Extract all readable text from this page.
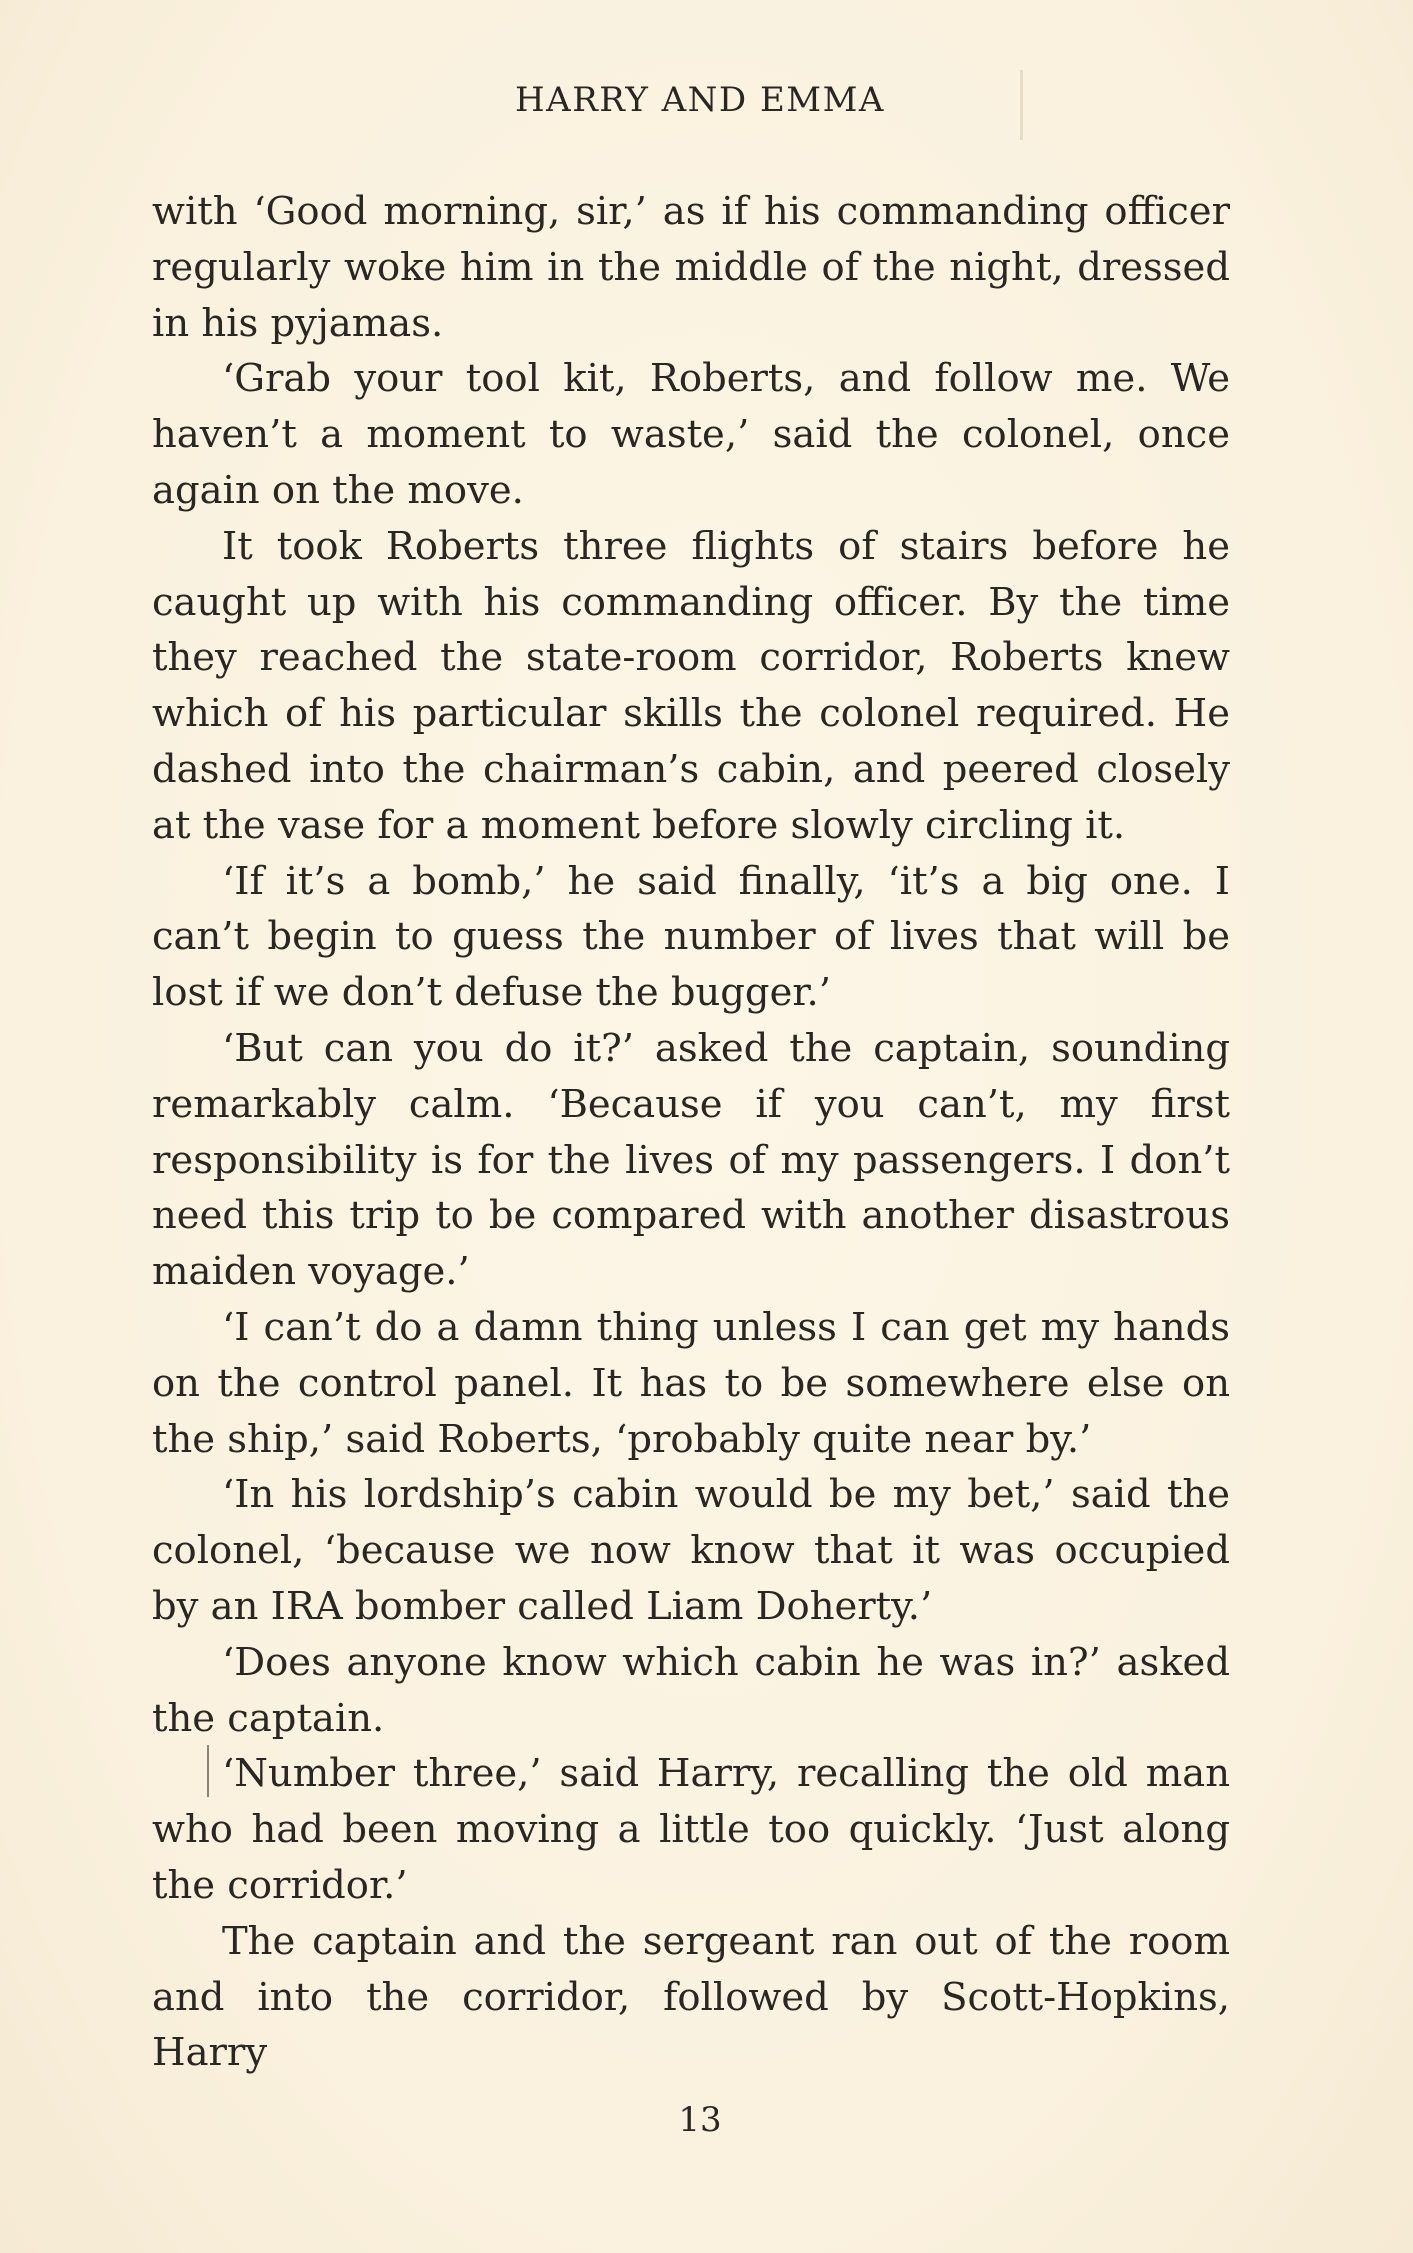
HARRY AND EMMA

with ‘Good morning, sir,’ as if his commanding officer regularly woke him in the middle of the night, dressed in his pyjamas.

‘Grab your tool kit, Roberts, and follow me. We haven’t a moment to waste,’ said the colonel, once again on the move.

It took Roberts three flights of stairs before he caught up with his commanding officer. By the time they reached the state-room corridor, Roberts knew which of his particular skills the colonel required. He dashed into the chairman’s cabin, and peered closely at the vase for a moment before slowly circling it.

‘If it’s a bomb,’ he said finally, ‘it’s a big one. I can’t begin to guess the number of lives that will be lost if we don’t defuse the bugger.’

‘But can you do it?’ asked the captain, sounding remarkably calm. ‘Because if you can’t, my first responsibility is for the lives of my passengers. I don’t need this trip to be compared with another disastrous maiden voyage.’

‘I can’t do a damn thing unless I can get my hands on the control panel. It has to be somewhere else on the ship,’ said Roberts, ‘probably quite near by.’

‘In his lordship’s cabin would be my bet,’ said the colonel, ‘because we now know that it was occupied by an IRA bomber called Liam Doherty.’

‘Does anyone know which cabin he was in?’ asked the captain.

‘Number three,’ said Harry, recalling the old man who had been moving a little too quickly. ‘Just along the corridor.’

The captain and the sergeant ran out of the room and into the corridor, followed by Scott-Hopkins, Harry

13
